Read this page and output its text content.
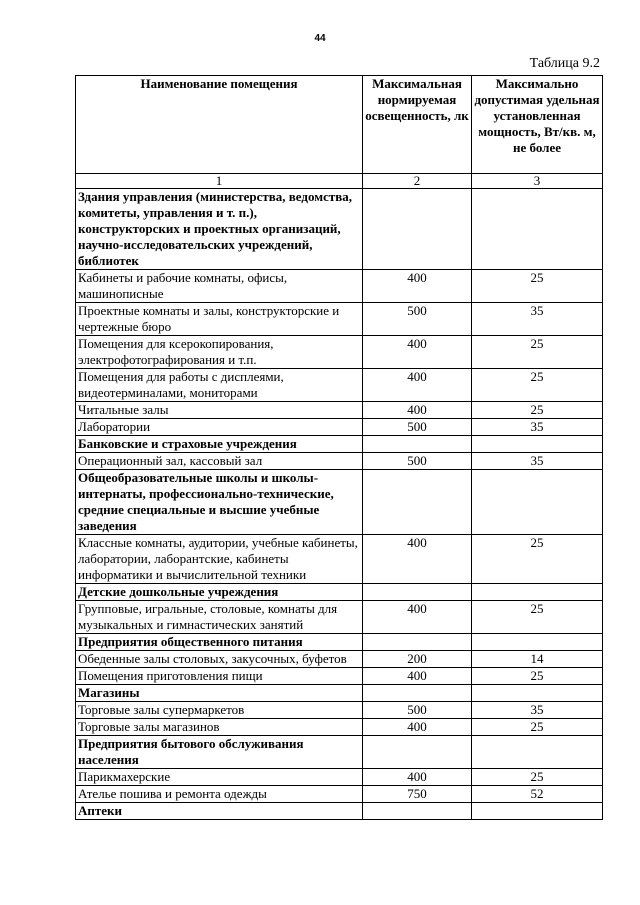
44
Таблица 9.2
Наименование помещения	Максимальная нормируемая освещенность, лк	Максимально допустимая удельная установленная мощность, Вт/кв. м, не более
1	2	3
Здания управления (министерства, ведомства, комитеты, управления и т. п.), конструкторских и проектных организаций, научно-исследовательских учреждений, библиотек		
Кабинеты и рабочие комнаты, офисы, машинописные	400	25
Проектные комнаты и залы, конструкторские и чертежные бюро	500	35
Помещения для ксерокопирования, электрофотографирования и т.п.	400	25
Помещения для работы с дисплеями, видеотерминалами, мониторами	400	25
Читальные залы	400	25
Лаборатории	500	35
Банковские и страховые учреждения		
Операционный зал, кассовый зал	500	35
Общеобразовательные школы и школы-интернаты, профессионально-технические, средние специальные и высшие учебные заведения		
Классные комнаты, аудитории, учебные кабинеты, лаборатории, лаборантские, кабинеты информатики и вычислительной техники	400	25
Детские дошкольные учреждения		
Групповые, игральные, столовые, комнаты для музыкальных и гимнастических занятий	400	25
Предприятия общественного питания		
Обеденные залы столовых, закусочных, буфетов	200	14
Помещения приготовления пищи	400	25
Магазины		
Торговые залы супермаркетов	500	35
Торговые залы магазинов	400	25
Предприятия бытового обслуживания населения		
Парикмахерские	400	25
Ателье пошива и ремонта одежды	750	52
Аптеки		
